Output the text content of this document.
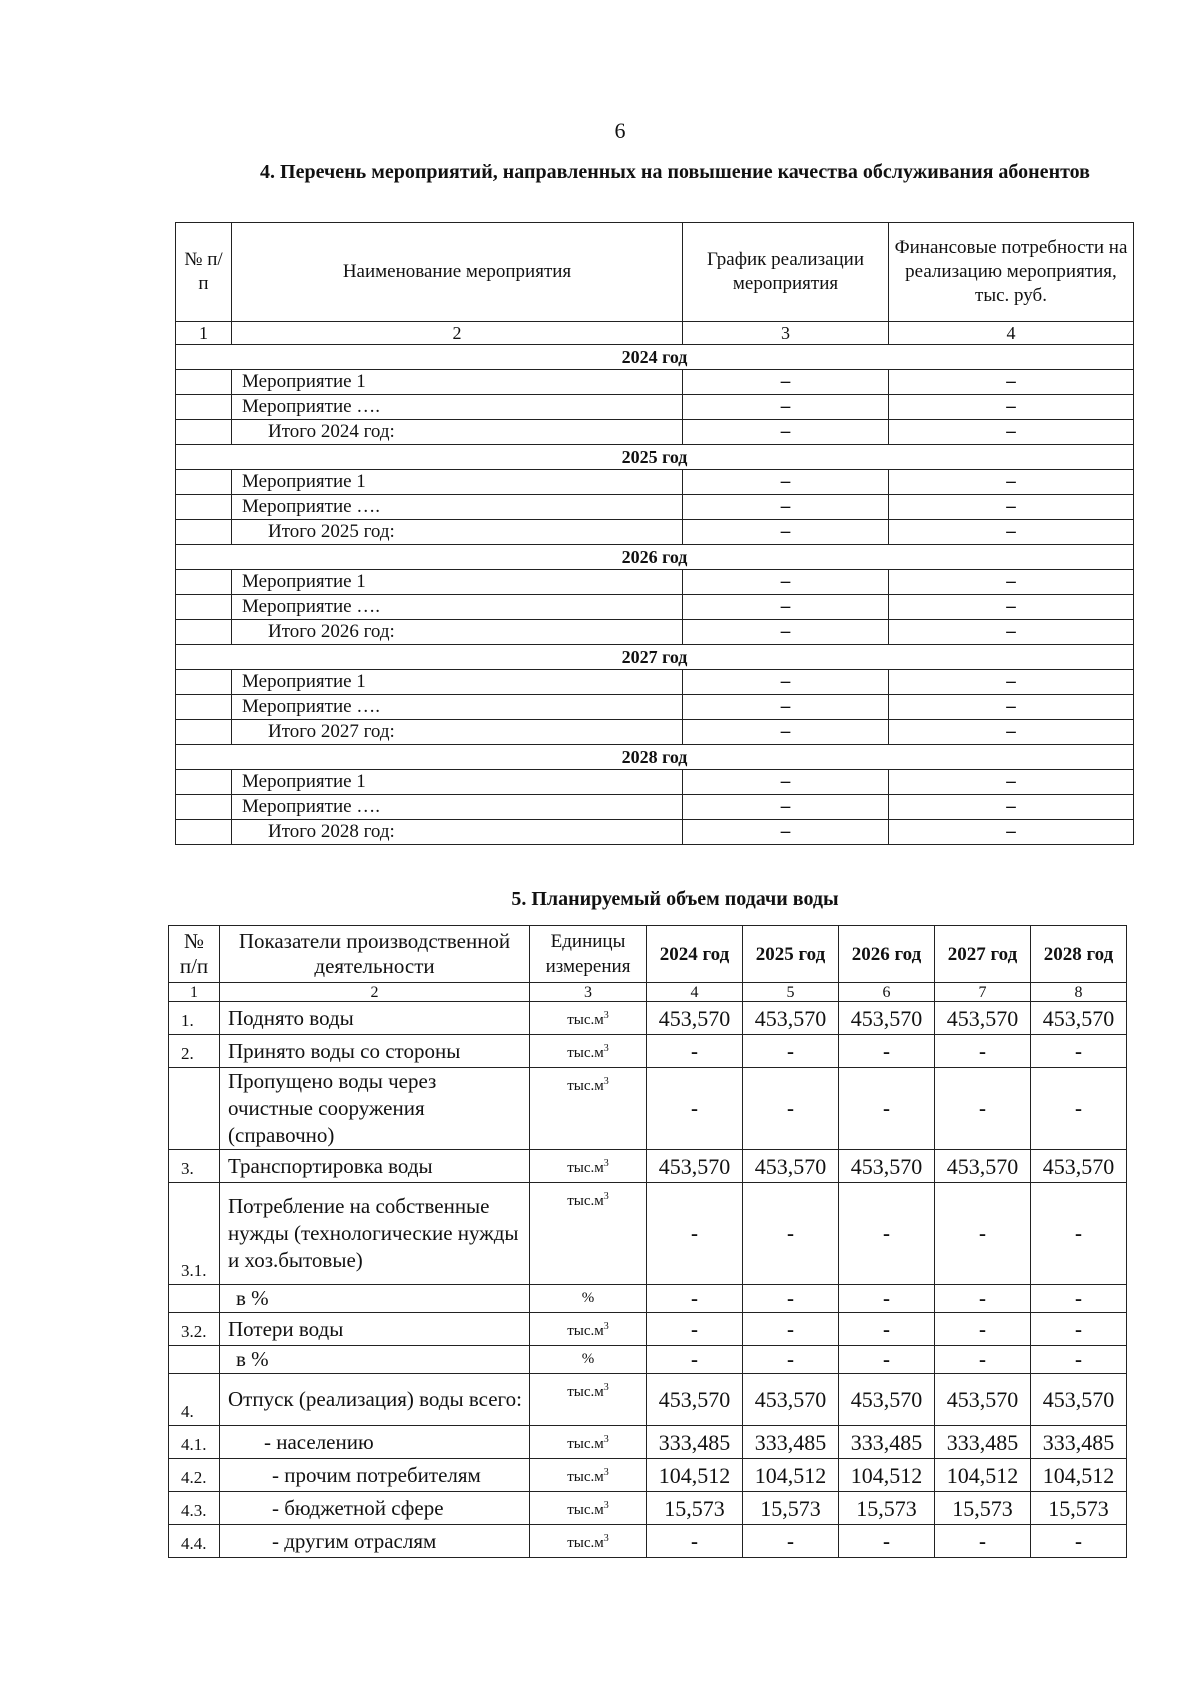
6
4. Перечень мероприятий, направленных на повышение качества обслуживания абонентов
№ п/п	Наименование мероприятия	График реализации мероприятия	Финансовые потребности на реализацию мероприятия, тыс. руб.
1	2	3	4
2024 год			
	Мероприятие 1	–	–
	Мероприятие ….	–	–
	Итого 2024 год:	–	–
2025 год			
	Мероприятие 1	–	–
	Мероприятие ….	–	–
	Итого 2025 год:	–	–
2026 год			
	Мероприятие 1	–	–
	Мероприятие ….	–	–
	Итого 2026 год:	–	–
2027 год			
	Мероприятие 1	–	–
	Мероприятие ….	–	–
	Итого 2027 год:	–	–
2028 год			
	Мероприятие 1	–	–
	Мероприятие ….	–	–
	Итого 2028 год:	–	–
5. Планируемый объем подачи воды
№ п/п	Показатели производственной деятельности	Единицы измерения	2024 год	2025 год	2026 год	2027 год	2028 год
1	2	3	4	5	6	7	8
1.	Поднято воды	$тыс.м^3$	453,570	453,570	453,570	453,570	453,570
2.	Принято воды со стороны	$тыс.м^3$	-	-	-	-	-
	Пропущено воды через очистные сооружения (справочно)	$тыс.м^3$	-	-	-	-	-
3.	Транспортировка воды	$тыс.м^3$	453,570	453,570	453,570	453,570	453,570
3.1.	Потребление на собственные нужды (технологические нужды и хоз.бытовые)	$тыс.м^3$	-	-	-	-	-
	в %	%	-	-	-	-	-
3.2.	Потери воды	$тыс.м^3$	-	-	-	-	-
	в %	%	-	-	-	-	-
4.	Отпуск (реализация) воды всего:	$тыс.м^3$	453,570	453,570	453,570	453,570	453,570
4.1.	- населению	$тыс.м^3$	333,485	333,485	333,485	333,485	333,485
4.2.	- прочим потребителям	$тыс.м^3$	104,512	104,512	104,512	104,512	104,512
4.3.	- бюджетной сфере	$тыс.м^3$	15,573	15,573	15,573	15,573	15,573
4.4.	- другим отраслям	$тыс.м^3$	-	-	-	-	-
